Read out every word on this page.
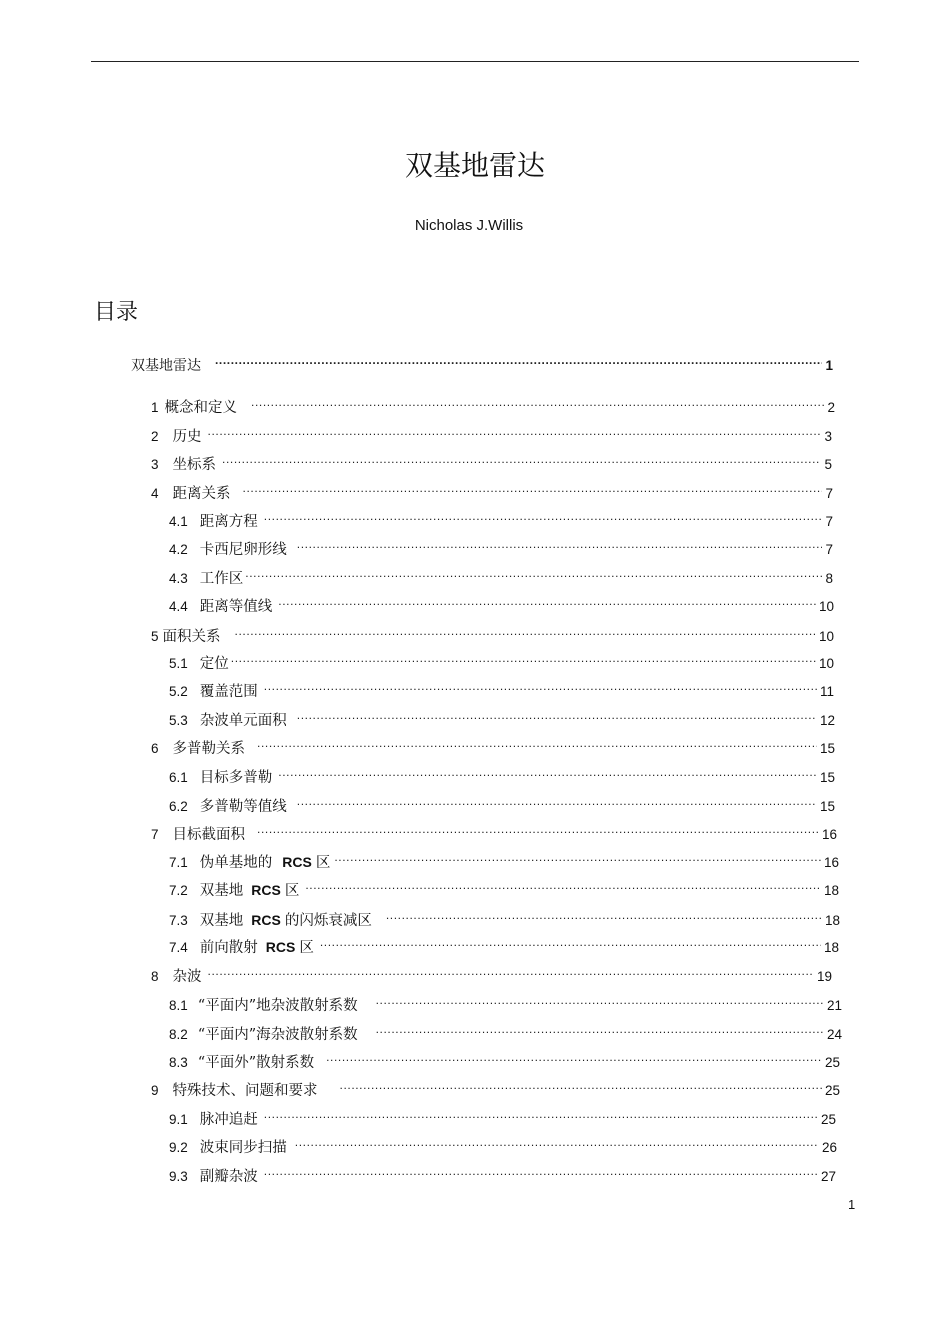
双基地雷达
Nicholas J.Willis
目录
双基地雷达 .....	1
1 概念和定义 .....	2
2 历史 .....	3
3 坐标系 .....	5
4 距离关系 .....	7
4.1 距离方程 .....	7
4.2 卡西尼卵形线 .....	7
4.3 工作区 .....	8
4.4 距离等值线 .....	10
5 面积关系 .....	10
5.1 定位 .....	10
5.2 覆盖范围 .....	11
5.3 杂波单元面积 .....	12
6 多普勒关系 .....	15
6.1 目标多普勒 .....	15
6.2 多普勒等值线 .....	15
7 目标截面积 .....	16
7.1 伪单基地的 RCS 区 .....	16
7.2 双基地 RCS 区 .....	18
7.3 双基地 RCS 的闪烁衰减区 .....	18
7.4 前向散射 RCS 区 .....	18
8 杂波 .....	19
8.1 “平面内”地杂波散射系数 .....	21
8.2 “平面内”海杂波散射系数 .....	24
8.3 “平面外”散射系数 .....	25
9 特殊技术、问题和要求 .....	25
9.1 脉冲追赶 .....	25
9.2 波束同步扫描 .....	26
9.3 副瓣杂波 .....	27
1
